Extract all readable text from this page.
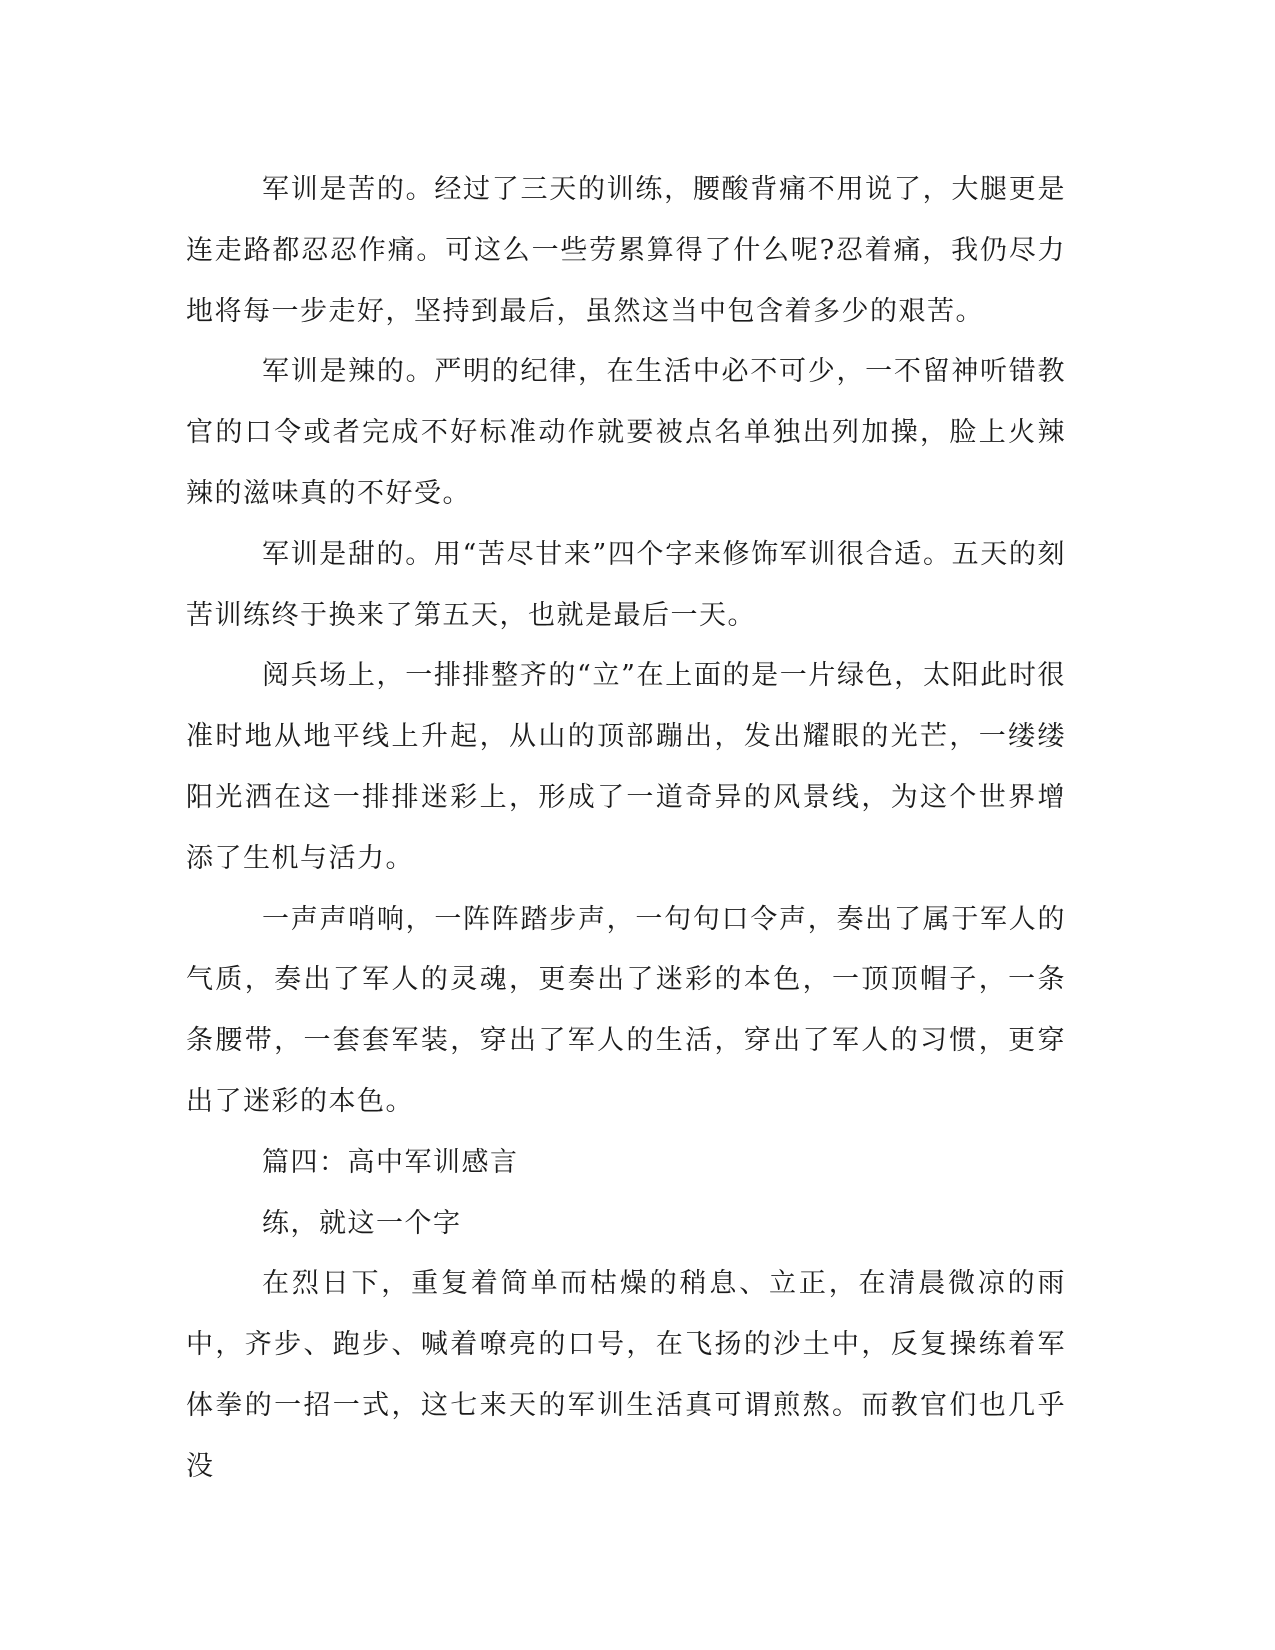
军训是苦的。经过了三天的训练，腰酸背痛不用说了，大腿更是连走路都忍忍作痛。可这么一些劳累算得了什么呢?忍着痛，我仍尽力地将每一步走好，坚持到最后，虽然这当中包含着多少的艰苦。

军训是辣的。严明的纪律，在生活中必不可少，一不留神听错教官的口令或者完成不好标准动作就要被点名单独出列加操，脸上火辣辣的滋味真的不好受。

军训是甜的。用“苦尽甘来”四个字来修饰军训很合适。五天的刻苦训练终于换来了第五天，也就是最后一天。

阅兵场上，一排排整齐的“立”在上面的是一片绿色，太阳此时很准时地从地平线上升起，从山的顶部蹦出，发出耀眼的光芒，一缕缕阳光洒在这一排排迷彩上，形成了一道奇异的风景线，为这个世界增添了生机与活力。

一声声哨响，一阵阵踏步声，一句句口令声，奏出了属于军人的气质，奏出了军人的灵魂，更奏出了迷彩的本色，一顶顶帽子，一条条腰带，一套套军装，穿出了军人的生活，穿出了军人的习惯，更穿出了迷彩的本色。

篇四：高中军训感言

练，就这一个字

在烈日下，重复着简单而枯燥的稍息、立正，在清晨微凉的雨中，齐步、跑步、喊着嘹亮的口号，在飞扬的沙土中，反复操练着军体拳的一招一式，这七来天的军训生活真可谓煎熬。而教官们也几乎没
